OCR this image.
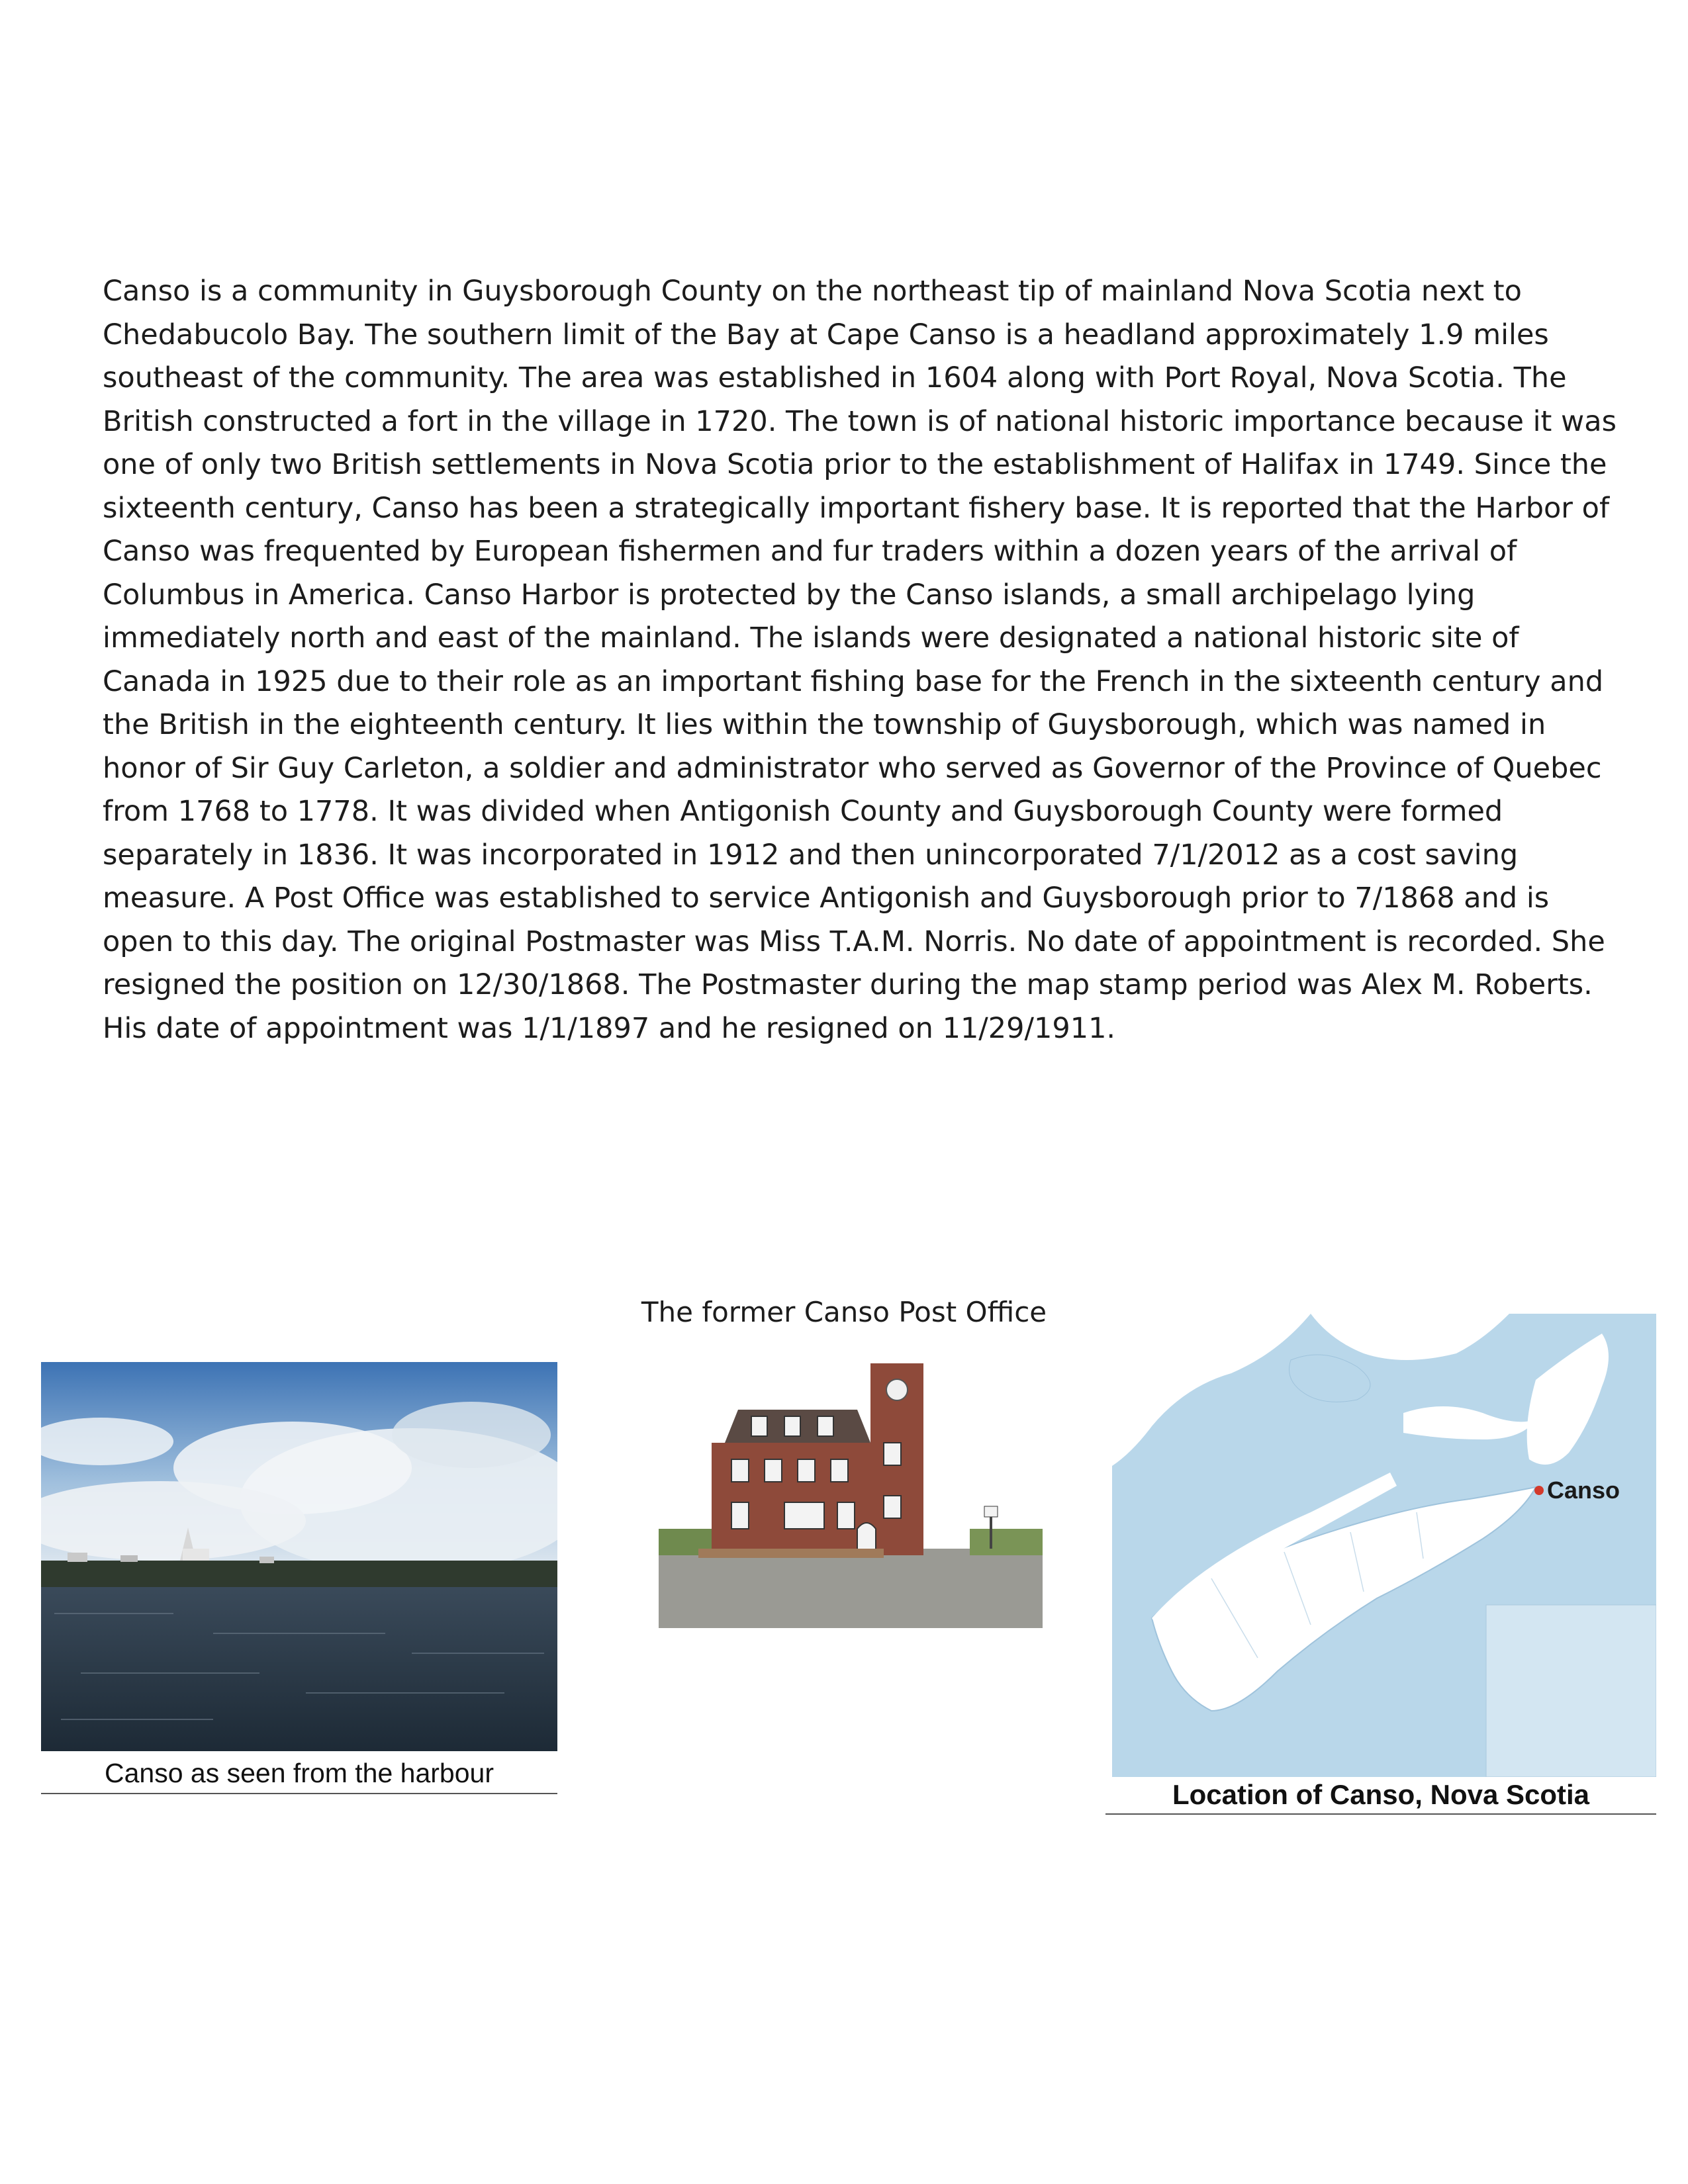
Canso is a community in Guysborough County on the northeast tip of mainland Nova Scotia next to Chedabucolo Bay. The southern limit of the Bay at Cape Canso is a headland approximately 1.9 miles southeast of the community. The area was established in 1604 along with Port Royal, Nova Scotia. The British constructed a fort in the village in 1720. The town is of national historic importance because it was one of only two British settlements in Nova Scotia prior to the establishment of Halifax in 1749. Since the sixteenth century, Canso has been a strategically important fishery base. It is reported that the Harbor of Canso was frequented by European fishermen and fur traders within a dozen years of the arrival of Columbus in America. Canso Harbor is protected by the Canso islands, a small archipelago lying immediately north and east of the mainland. The islands were designated a national historic site of Canada in 1925 due to their role as an important fishing base for the French in the sixteenth century and the British in the eighteenth century. It lies within the township of Guysborough, which was named in honor of Sir Guy Carleton, a soldier and administrator who served as Governor of the Province of Quebec from 1768 to 1778. It was divided when Antigonish County and Guysborough County were formed separately in 1836. It was incorporated in 1912 and then unincorporated 7/1/2012 as a cost saving measure. A Post Office was established to service Antigonish and Guysborough prior to 7/1868 and is open to this day. The original Postmaster was Miss T.A.M. Norris. No date of appointment is recorded. She resigned the position on 12/30/1868. The Postmaster during the map stamp period was Alex M. Roberts. His date of appointment was 1/1/1897 and he resigned on 11/29/1911.

Canso as seen from the harbour
The former Canso Post Office
Canso
Location of Canso, Nova Scotia
